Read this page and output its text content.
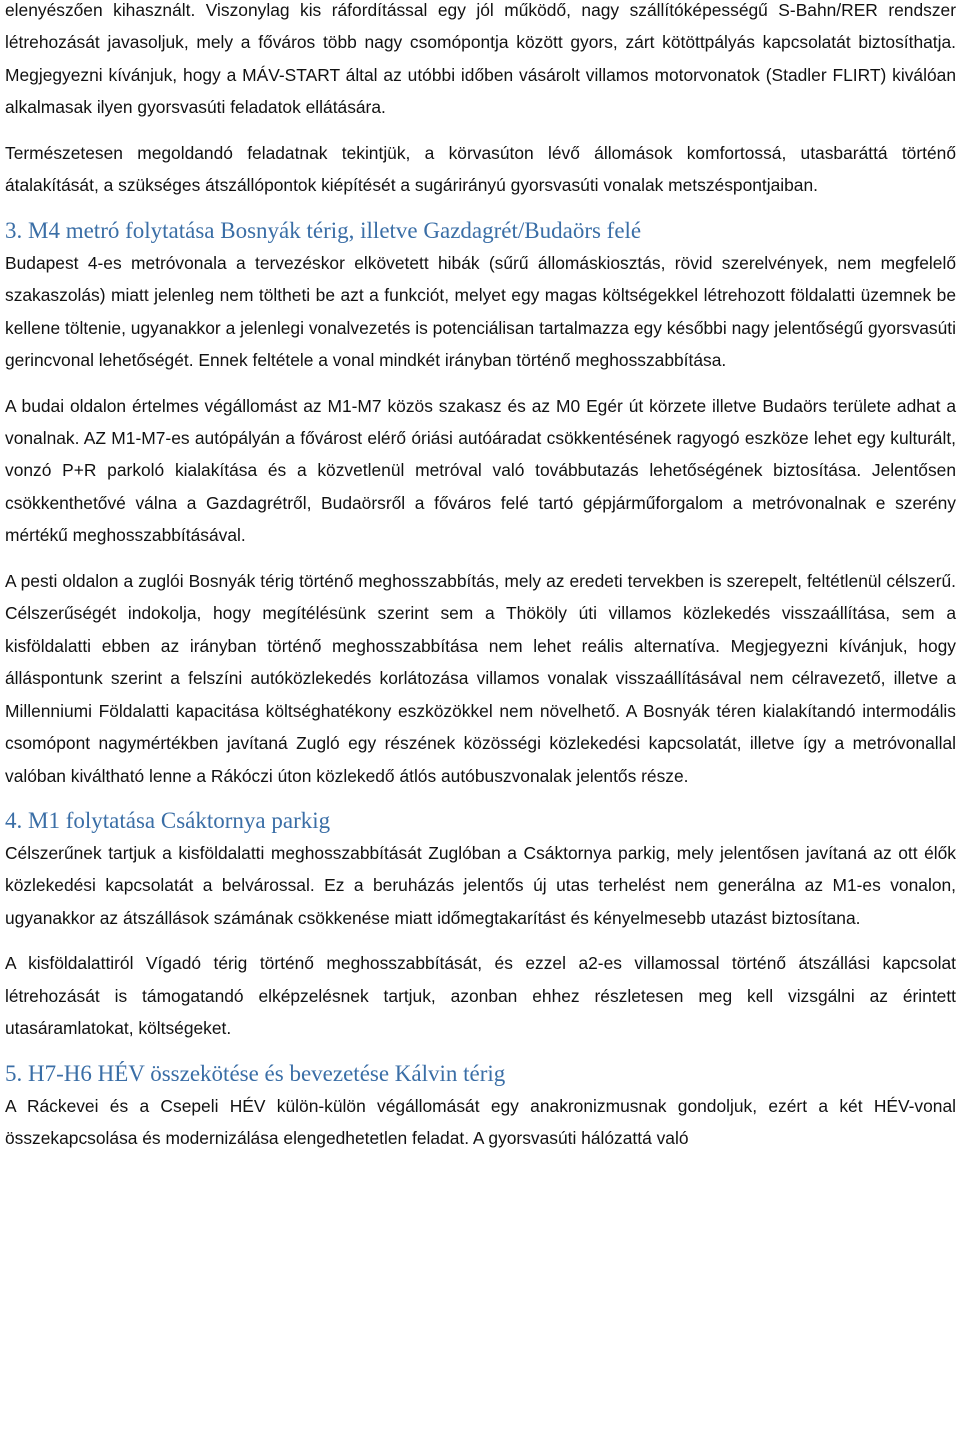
elenyészően kihasznált. Viszonylag kis ráfordítással egy jól működő, nagy szállítóképességű S-Bahn/RER rendszer létrehozását javasoljuk, mely a főváros több nagy csomópontja között gyors, zárt kötöttpályás kapcsolatát biztosíthatja. Megjegyezni kívánjuk, hogy a MÁV-START által az utóbbi időben vásárolt villamos motorvonatok (Stadler FLIRT) kiválóan alkalmasak ilyen gyorsvasúti feladatok ellátására.

Természetesen megoldandó feladatnak tekintjük, a körvasúton lévő állomások komfortossá, utasbaráttá történő átalakítását, a szükséges átszállópontok kiépítését a sugárirányú gyorsvasúti vonalak metszéspontjaiban.

3. M4 metró folytatása Bosnyák térig, illetve Gazdagrét/Budaörs felé

Budapest 4-es metróvonala a tervezéskor elkövetett hibák (sűrű állomáskiosztás, rövid szerelvények, nem megfelelő szakaszolás) miatt jelenleg nem töltheti be azt a funkciót, melyet egy magas költségekkel létrehozott földalatti üzemnek be kellene töltenie, ugyanakkor a jelenlegi vonalvezetés is potenciálisan tartalmazza egy későbbi nagy jelentőségű gyorsvasúti gerincvonal lehetőségét. Ennek feltétele a vonal mindkét irányban történő meghosszabbítása.

A budai oldalon értelmes végállomást az M1-M7 közös szakasz és az M0 Egér út körzete illetve Budaörs területe adhat a vonalnak. AZ M1-M7-es autópályán a fővárost elérő óriási autóáradat csökkentésének ragyogó eszköze lehet egy kulturált, vonzó P+R parkoló kialakítása és a közvetlenül metróval való továbbutazás lehetőségének biztosítása. Jelentősen csökkenthetővé válna a Gazdagrétről, Budaörsről a főváros felé tartó gépjárműforgalom a metróvonalnak e szerény mértékű meghosszabbításával.

A pesti oldalon a zuglói Bosnyák térig történő meghosszabbítás, mely az eredeti tervekben is szerepelt, feltétlenül célszerű. Célszerűségét indokolja, hogy megítélésünk szerint sem a Thököly úti villamos közlekedés visszaállítása, sem a kisföldalatti ebben az irányban történő meghosszabbítása nem lehet reális alternatíva. Megjegyezni kívánjuk, hogy álláspontunk szerint a felszíni autóközlekedés korlátozása villamos vonalak visszaállításával nem célravezető, illetve a Millenniumi Földalatti kapacitása költséghatékony eszközökkel nem növelhető. A Bosnyák téren kialakítandó intermodális csomópont nagymértékben javítaná Zugló egy részének közösségi közlekedési kapcsolatát, illetve így a metróvonallal valóban kiváltható lenne a Rákóczi úton közlekedő átlós autóbuszvonalak jelentős része.

4. M1 folytatása Csáktornya parkig

Célszerűnek tartjuk a kisföldalatti meghosszabbítását Zuglóban a Csáktornya parkig, mely jelentősen javítaná az ott élők közlekedési kapcsolatát a belvárossal. Ez a beruházás jelentős új utas terhelést nem generálna az M1-es vonalon, ugyanakkor az átszállások számának csökkenése miatt időmegtakarítást és kényelmesebb utazást biztosítana.

A kisföldalattiról Vígadó térig történő meghosszabbítását, és ezzel a2-es villamossal történő átszállási kapcsolat létrehozását is támogatandó elképzelésnek tartjuk, azonban ehhez részletesen meg kell vizsgálni az érintett utasáramlatokat, költségeket.

5. H7-H6 HÉV összekötése és bevezetése Kálvin térig

A Ráckevei és a Csepeli HÉV külön-külön végállomását egy anakronizmusnak gondoljuk, ezért a két HÉV-vonal összekapcsolása és modernizálása elengedhetetlen feladat. A gyorsvasúti hálózattá való
